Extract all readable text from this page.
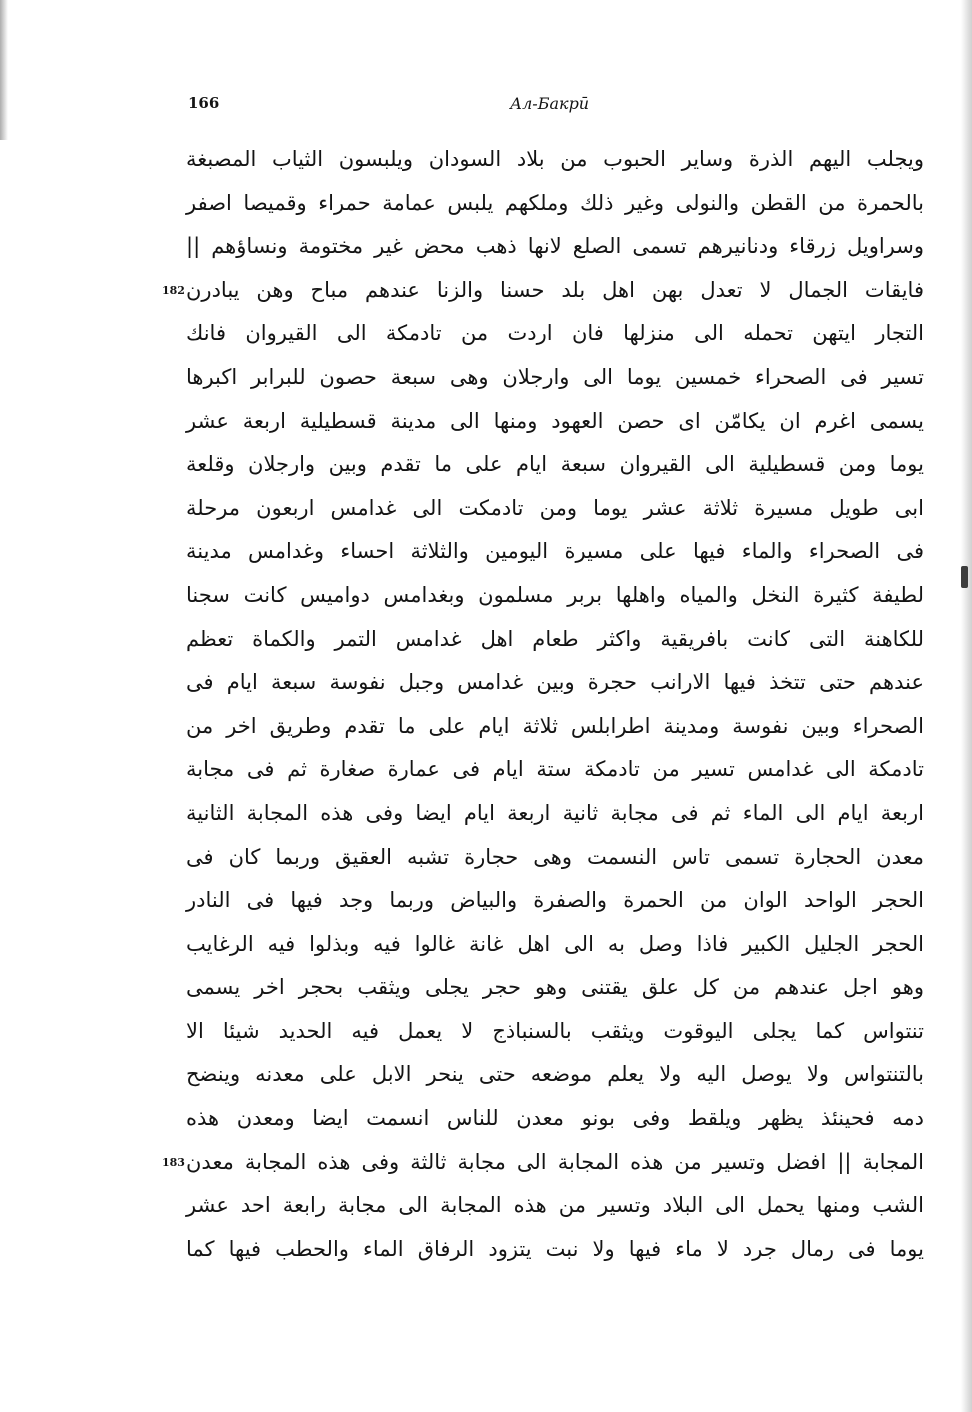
166	Ал-Бакрӣ
ويجلب اليهم الذرة وساير الحبوب من بلاد السودان ويلبسون الثياب المصبغة
بالحمرة من القطن والنولى وغير ذلك وملكهم يلبس عمامة حمراء وقميصا اصفر
وسراويل زرقاء ودنانيرهم تسمى الصلع لانها ذهب محض غير مختومة ونساؤهم ||
فايقات الجمال لا تعدل بهن اهل بلد حسنا والزنا عندهم مباح وهن يبادرن
182
التجار ايتهن تحمله الى منزلها فان اردت من تادمكة الى القيروان فانك
تسير فى الصحراء خمسين يوما الى وارجلان وهى سبعة حصون للبرابر اكبرها
يسمى اغرم ان يكامّن اى حصن العهود ومنها الى مدينة قسطيلية اربعة عشر
يوما ومن قسطيلية الى القيروان سبعة ايام على ما تقدم وبين وارجلان وقلعة
ابى طويل مسيرة ثلاثة عشر يوما ومن تادمكت الى غدامس اربعون مرحلة
فى الصحراء والماء فيها على مسيرة اليومين والثلاثة احساء وغدامس مدينة
لطيفة كثيرة النخل والمياه واهلها بربر مسلمون وبغدامس دواميس كانت سجنا
للكاهنة التى كانت بافريقية واكثر طعام اهل غدامس التمر والكماة تعظم
عندهم حتى تتخذ فيها الارانب حجرة وبين غدامس وجبل نفوسة سبعة ايام فى
الصحراء وبين نفوسة ومدينة اطرابلس ثلاثة ايام على ما تقدم وطريق اخر من
تادمكة الى غدامس تسير من تادمكة ستة ايام فى عمارة صغارة ثم فى مجابة
اربعة ايام الى الماء ثم فى مجابة ثانية اربعة ايام ايضا وفى هذه المجابة الثانية
معدن الحجارة تسمى تاس النسمت وهى حجارة تشبه العقيق وربما كان فى
الحجر الواحد الوان من الحمرة والصفرة والبياض وربما وجد فيها فى النادر
الحجر الجليل الكبير فاذا وصل به الى اهل غانة غالوا فيه وبذلوا فيه الرغايب
وهو اجل عندهم من كل علق يقتنى وهو حجر يجلى ويثقب بحجر اخر يسمى
تنتواس كما يجلى اليوقوت ويثقب بالسنباذج لا يعمل فيه الحديد شيئا الا
بالتنتواس ولا يوصل اليه ولا يعلم موضعه حتى ينحر الابل على معدنه وينضح
دمه فحينئذ يظهر ويلقط وفى بونو معدن للناس انسمت ايضا ومعدن هذه
المجابة || افضل وتسير من هذه المجابة الى مجابة ثالثة وفى هذه المجابة معدن
183
الشب ومنها يحمل الى البلاد وتسير من هذه المجابة الى مجابة رابعة احد عشر
يوما فى رمال جرد لا ماء فيها ولا نبت يتزود الرفاق الماء والحطب فيها كما
